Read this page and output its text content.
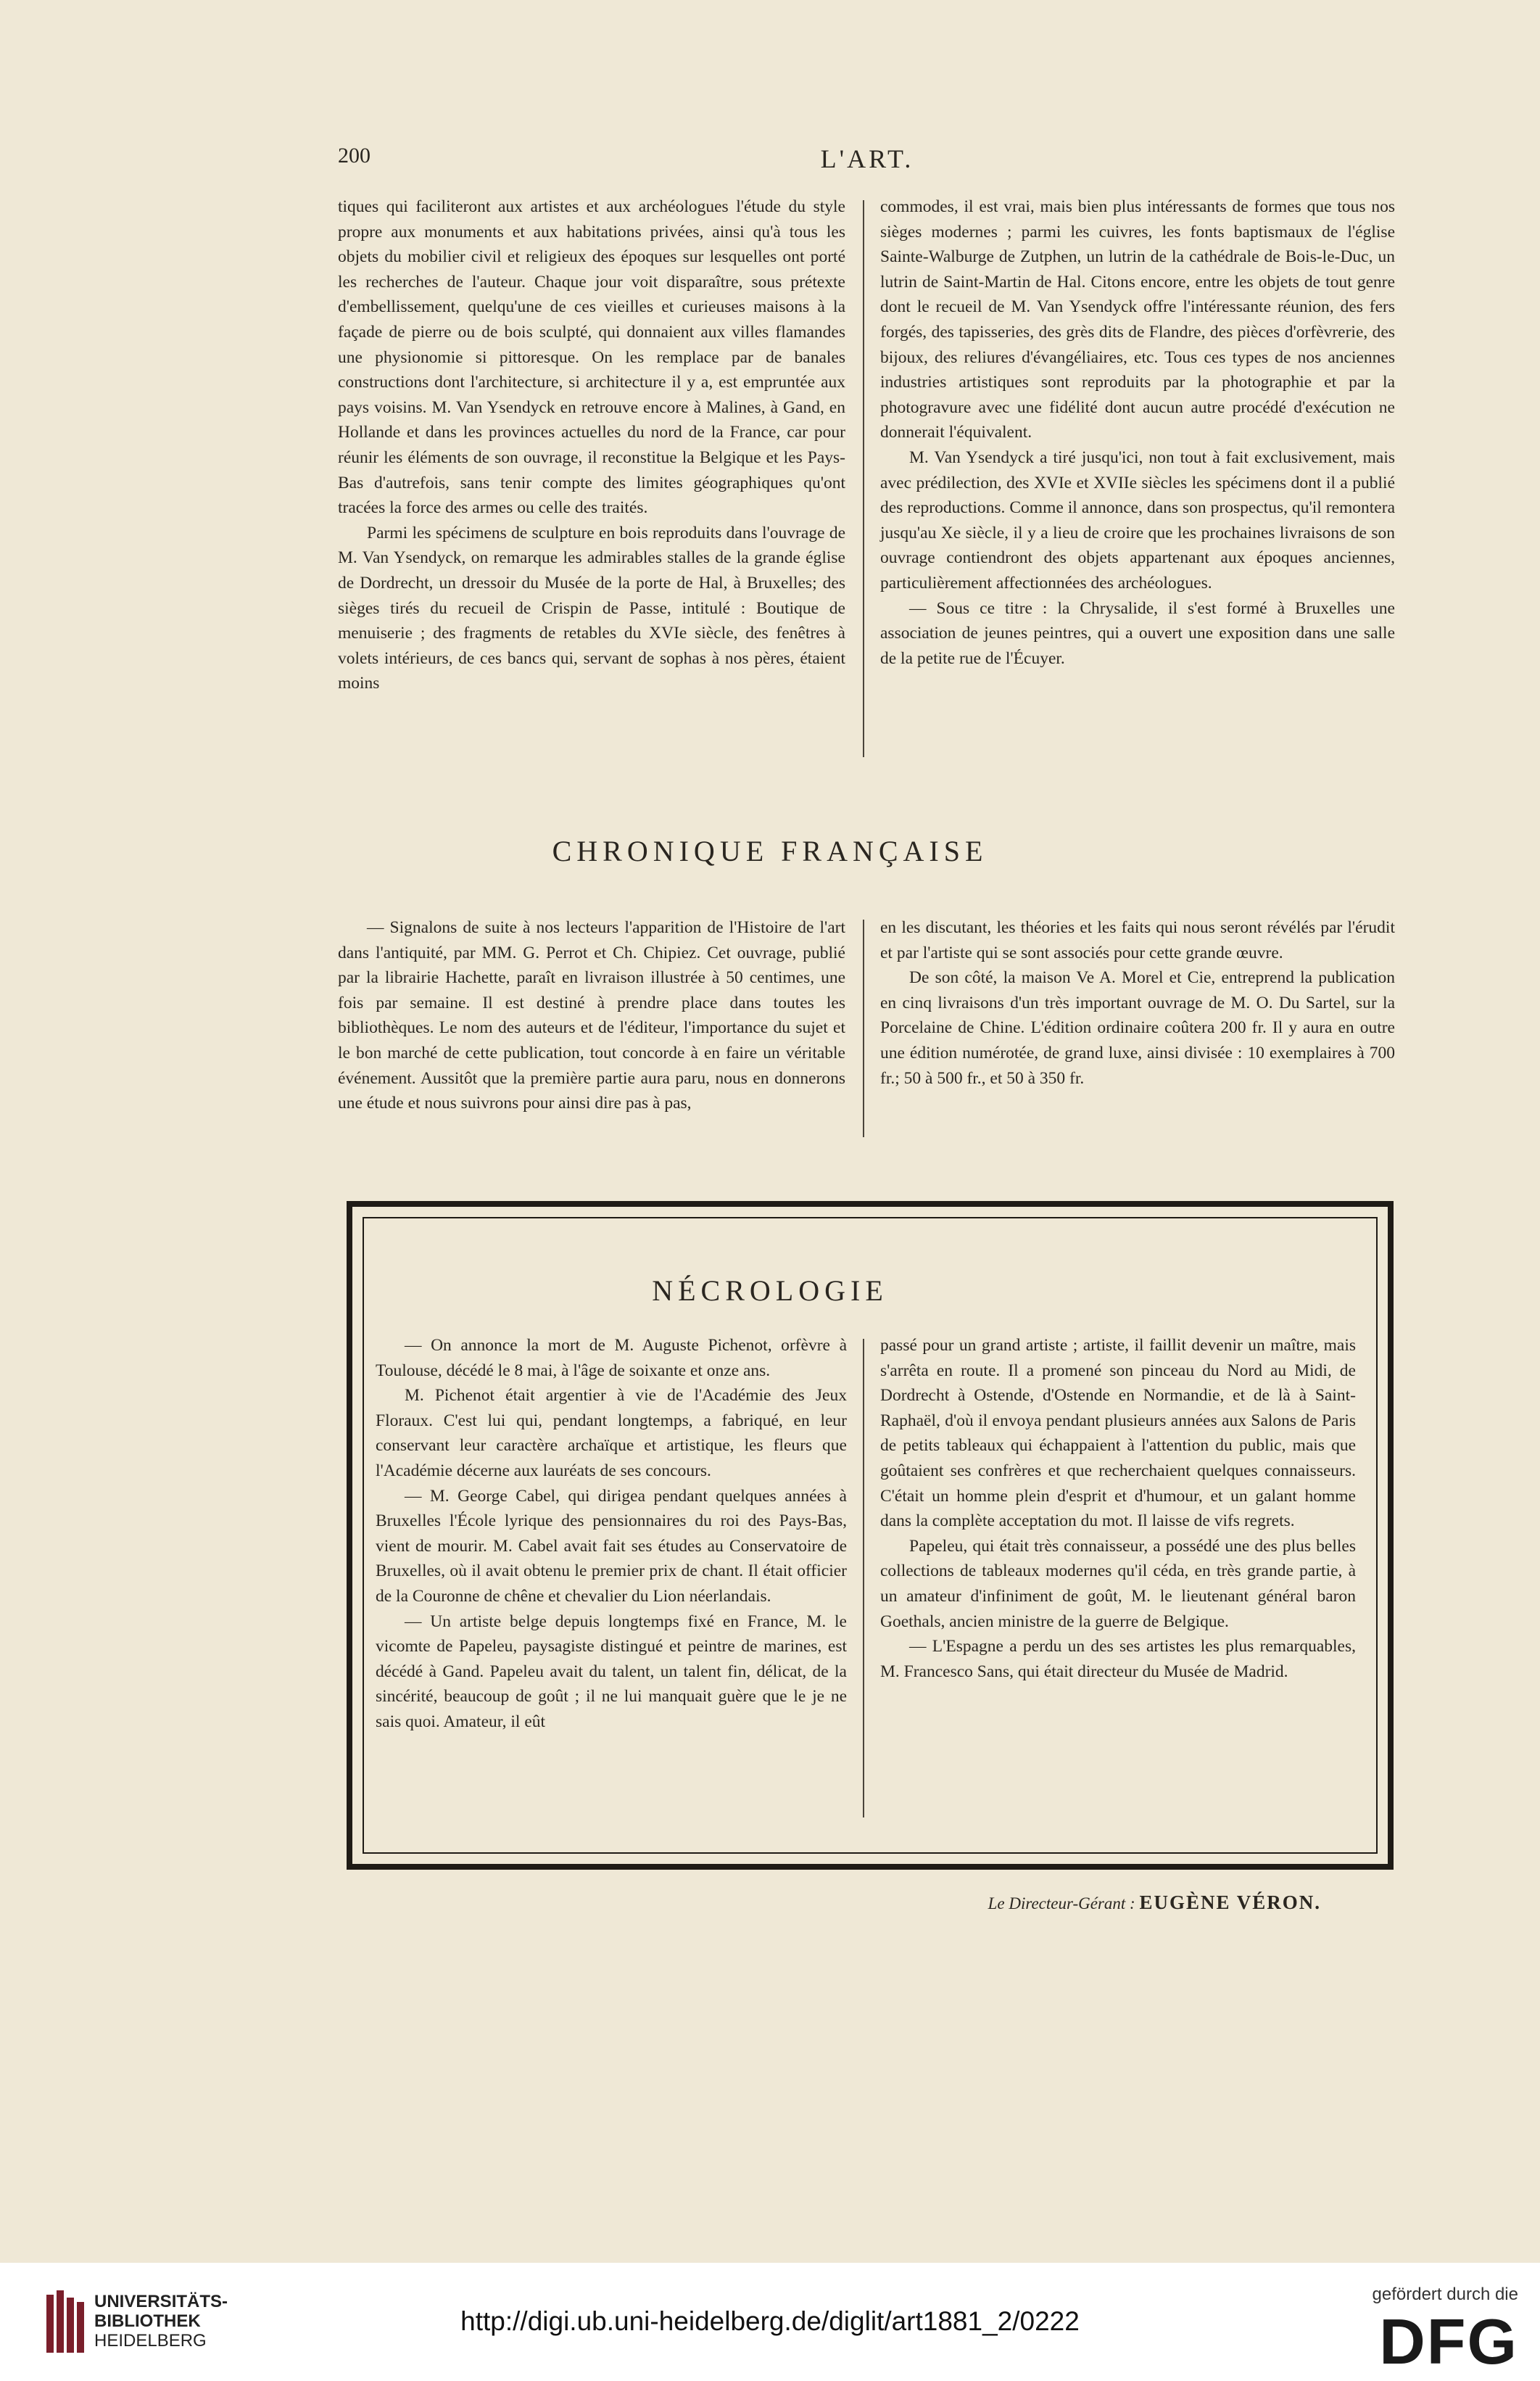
200	L'ART.

tiques qui faciliteront aux artistes et aux archéologues l'étude du style propre aux monuments et aux habitations privées, ainsi qu'à tous les objets du mobilier civil et religieux des époques sur lesquelles ont porté les recherches de l'auteur. Chaque jour voit disparaître, sous prétexte d'embellissement, quelqu'une de ces vieilles et curieuses maisons à la façade de pierre ou de bois sculpté, qui donnaient aux villes flamandes une physionomie si pittoresque. On les remplace par de banales constructions dont l'architecture, si architecture il y a, est empruntée aux pays voisins. M. Van Ysendyck en retrouve encore à Malines, à Gand, en Hollande et dans les provinces actuelles du nord de la France, car pour réunir les éléments de son ouvrage, il reconstitue la Belgique et les Pays-Bas d'autrefois, sans tenir compte des limites géographiques qu'ont tracées la force des armes ou celle des traités.

Parmi les spécimens de sculpture en bois reproduits dans l'ouvrage de M. Van Ysendyck, on remarque les admirables stalles de la grande église de Dordrecht, un dressoir du Musée de la porte de Hal, à Bruxelles; des sièges tirés du recueil de Crispin de Passe, intitulé : Boutique de menuiserie ; des fragments de retables du XVIe siècle, des fenêtres à volets intérieurs, de ces bancs qui, servant de sophas à nos pères, étaient moins

commodes, il est vrai, mais bien plus intéressants de formes que tous nos sièges modernes ; parmi les cuivres, les fonts baptismaux de l'église Sainte-Walburge de Zutphen, un lutrin de la cathédrale de Bois-le-Duc, un lutrin de Saint-Martin de Hal. Citons encore, entre les objets de tout genre dont le recueil de M. Van Ysendyck offre l'intéressante réunion, des fers forgés, des tapisseries, des grès dits de Flandre, des pièces d'orfèvrerie, des bijoux, des reliures d'évangéliaires, etc. Tous ces types de nos anciennes industries artistiques sont reproduits par la photographie et par la photogravure avec une fidélité dont aucun autre procédé d'exécution ne donnerait l'équivalent.

M. Van Ysendyck a tiré jusqu'ici, non tout à fait exclusivement, mais avec prédilection, des XVIe et XVIIe siècles les spécimens dont il a publié des reproductions. Comme il annonce, dans son prospectus, qu'il remontera jusqu'au Xe siècle, il y a lieu de croire que les prochaines livraisons de son ouvrage contiendront des objets appartenant aux époques anciennes, particulièrement affectionnées des archéologues.

— Sous ce titre : la Chrysalide, il s'est formé à Bruxelles une association de jeunes peintres, qui a ouvert une exposition dans une salle de la petite rue de l'Écuyer.

CHRONIQUE FRANÇAISE

— Signalons de suite à nos lecteurs l'apparition de l'Histoire de l'art dans l'antiquité, par MM. G. Perrot et Ch. Chipiez. Cet ouvrage, publié par la librairie Hachette, paraît en livraison illustrée à 50 centimes, une fois par semaine. Il est destiné à prendre place dans toutes les bibliothèques. Le nom des auteurs et de l'éditeur, l'importance du sujet et le bon marché de cette publication, tout concorde à en faire un véritable événement. Aussitôt que la première partie aura paru, nous en donnerons une étude et nous suivrons pour ainsi dire pas à pas,

en les discutant, les théories et les faits qui nous seront révélés par l'érudit et par l'artiste qui se sont associés pour cette grande œuvre.

De son côté, la maison Ve A. Morel et Cie, entreprend la publication en cinq livraisons d'un très important ouvrage de M. O. Du Sartel, sur la Porcelaine de Chine. L'édition ordinaire coûtera 200 fr. Il y aura en outre une édition numérotée, de grand luxe, ainsi divisée : 10 exemplaires à 700 fr.; 50 à 500 fr., et 50 à 350 fr.

NÉCROLOGIE

— On annonce la mort de M. Auguste Pichenot, orfèvre à Toulouse, décédé le 8 mai, à l'âge de soixante et onze ans.

M. Pichenot était argentier à vie de l'Académie des Jeux Floraux. C'est lui qui, pendant longtemps, a fabriqué, en leur conservant leur caractère archaïque et artistique, les fleurs que l'Académie décerne aux lauréats de ses concours.

— M. George Cabel, qui dirigea pendant quelques années à Bruxelles l'École lyrique des pensionnaires du roi des Pays-Bas, vient de mourir. M. Cabel avait fait ses études au Conservatoire de Bruxelles, où il avait obtenu le premier prix de chant. Il était officier de la Couronne de chêne et chevalier du Lion néerlandais.

— Un artiste belge depuis longtemps fixé en France, M. le vicomte de Papeleu, paysagiste distingué et peintre de marines, est décédé à Gand. Papeleu avait du talent, un talent fin, délicat, de la sincérité, beaucoup de goût ; il ne lui manquait guère que le je ne sais quoi. Amateur, il eût

passé pour un grand artiste ; artiste, il faillit devenir un maître, mais s'arrêta en route. Il a promené son pinceau du Nord au Midi, de Dordrecht à Ostende, d'Ostende en Normandie, et de là à Saint-Raphaël, d'où il envoya pendant plusieurs années aux Salons de Paris de petits tableaux qui échappaient à l'attention du public, mais que goûtaient ses confrères et que recherchaient quelques connaisseurs. C'était un homme plein d'esprit et d'humour, et un galant homme dans la complète acceptation du mot. Il laisse de vifs regrets.

Papeleu, qui était très connaisseur, a possédé une des plus belles collections de tableaux modernes qu'il céda, en très grande partie, à un amateur d'infiniment de goût, M. le lieutenant général baron Goethals, ancien ministre de la guerre de Belgique.

— L'Espagne a perdu un des ses artistes les plus remarquables, M. Francesco Sans, qui était directeur du Musée de Madrid.

Le Directeur-Gérant : EUGÈNE VÉRON.
UNIVERSITÄTS-
BIBLIOTHEK
HEIDELBERG
http://digi.ub.uni-heidelberg.de/diglit/art1881_2/0222
gefördert durch die
DFG
